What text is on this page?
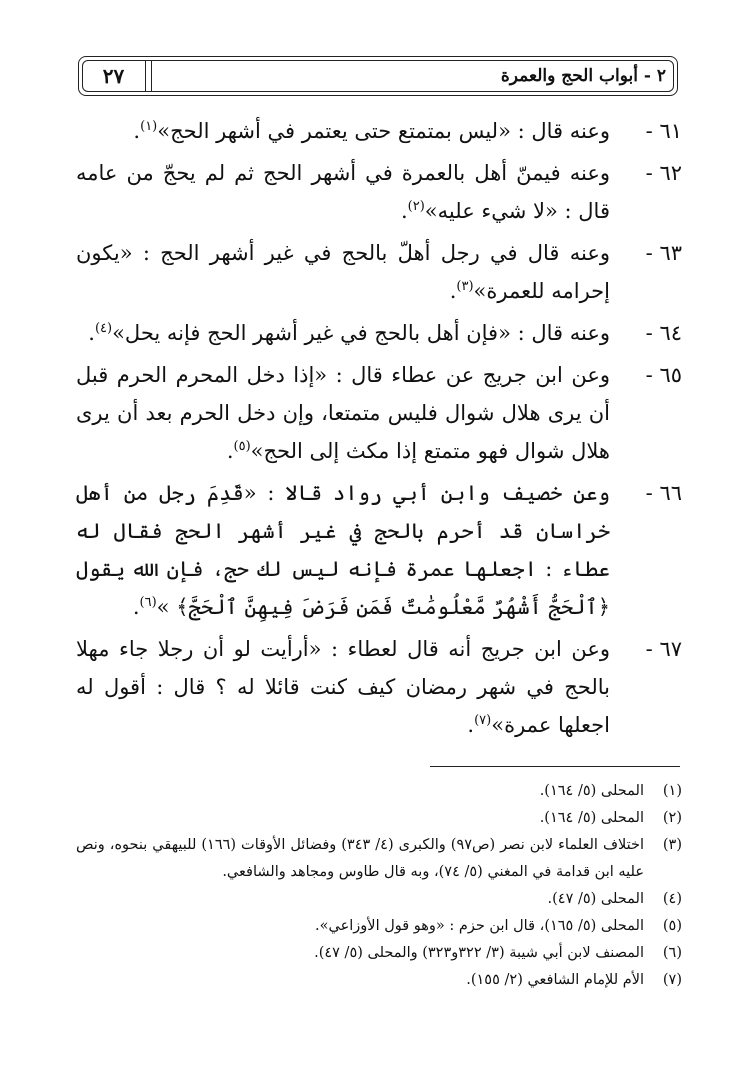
٢٧	٢ - أبواب الحج والعمرة
٦١ -
وعنه قال : «ليس بمتمتع حتى يعتمر في أشهر الحج»$^{(١)}$.
٦٢ -
وعنه فيمنّ أهل بالعمرة في أشهر الحج ثم لم يحجّ من عامه قال : «لا شيء عليه»$^{(٢)}$.
٦٣ -
وعنه قال في رجل أهلّ بالحج في غير أشهر الحج : «يكون إحرامه للعمرة»$^{(٣)}$.
٦٤ -
وعنه قال : «فإن أهل بالحج في غير أشهر الحج فإنه يحل»$^{(٤)}$.
٦٥ -
وعن ابن جريج عن عطاء قال : «إذا دخل المحرم الحرم قبل أن يرى هلال شوال فليس متمتعا، وإن دخل الحرم بعد أن يرى هلال شوال فهو متمتع إذا مكث إلى الحج»$^{(٥)}$.
٦٦ -
وعن خصيف وابن أبي رواد قالا : «قَدِمَ رجل من أهل خراسان قد أحرم بالحج في غير أشهر الحج فقال له عطاء : اجعلها عمرة فإنه ليس لك حج، فإن الله يقول ﴿ٱلْحَجُّ أَشْهُرٌ مَّعْلُومَٰتٌ فَمَن فَرَضَ فِيهِنَّ ٱلْحَجَّ﴾ »$^{(٦)}$.
٦٧ -
وعن ابن جريج أنه قال لعطاء : «أرأيت لو أن رجلا جاء مهلا بالحج في شهر رمضان كيف كنت قائلا له ؟ قال : أقول له اجعلها عمرة»$^{(٧)}$.
(١)
المحلى (٥/ ١٦٤).
(٢)
المحلى (٥/ ١٦٤).
(٣)
اختلاف العلماء لابن نصر (ص٩٧) والكبرى (٤/ ٣٤٣) وفضائل الأوقات (١٦٦) للبيهقي بنحوه، ونص عليه ابن قدامة في المغني (٥/ ٧٤)، وبه قال طاوس ومجاهد والشافعي.
(٤)
المحلى (٥/ ٤٧).
(٥)
المحلى (٥/ ١٦٥)، قال ابن حزم : «وهو قول الأوزاعي».
(٦)
المصنف لابن أبي شيبة (٣/ ٣٢٢و٣٢٣) والمحلى (٥/ ٤٧).
(٧)
الأم للإمام الشافعي (٢/ ١٥٥).
